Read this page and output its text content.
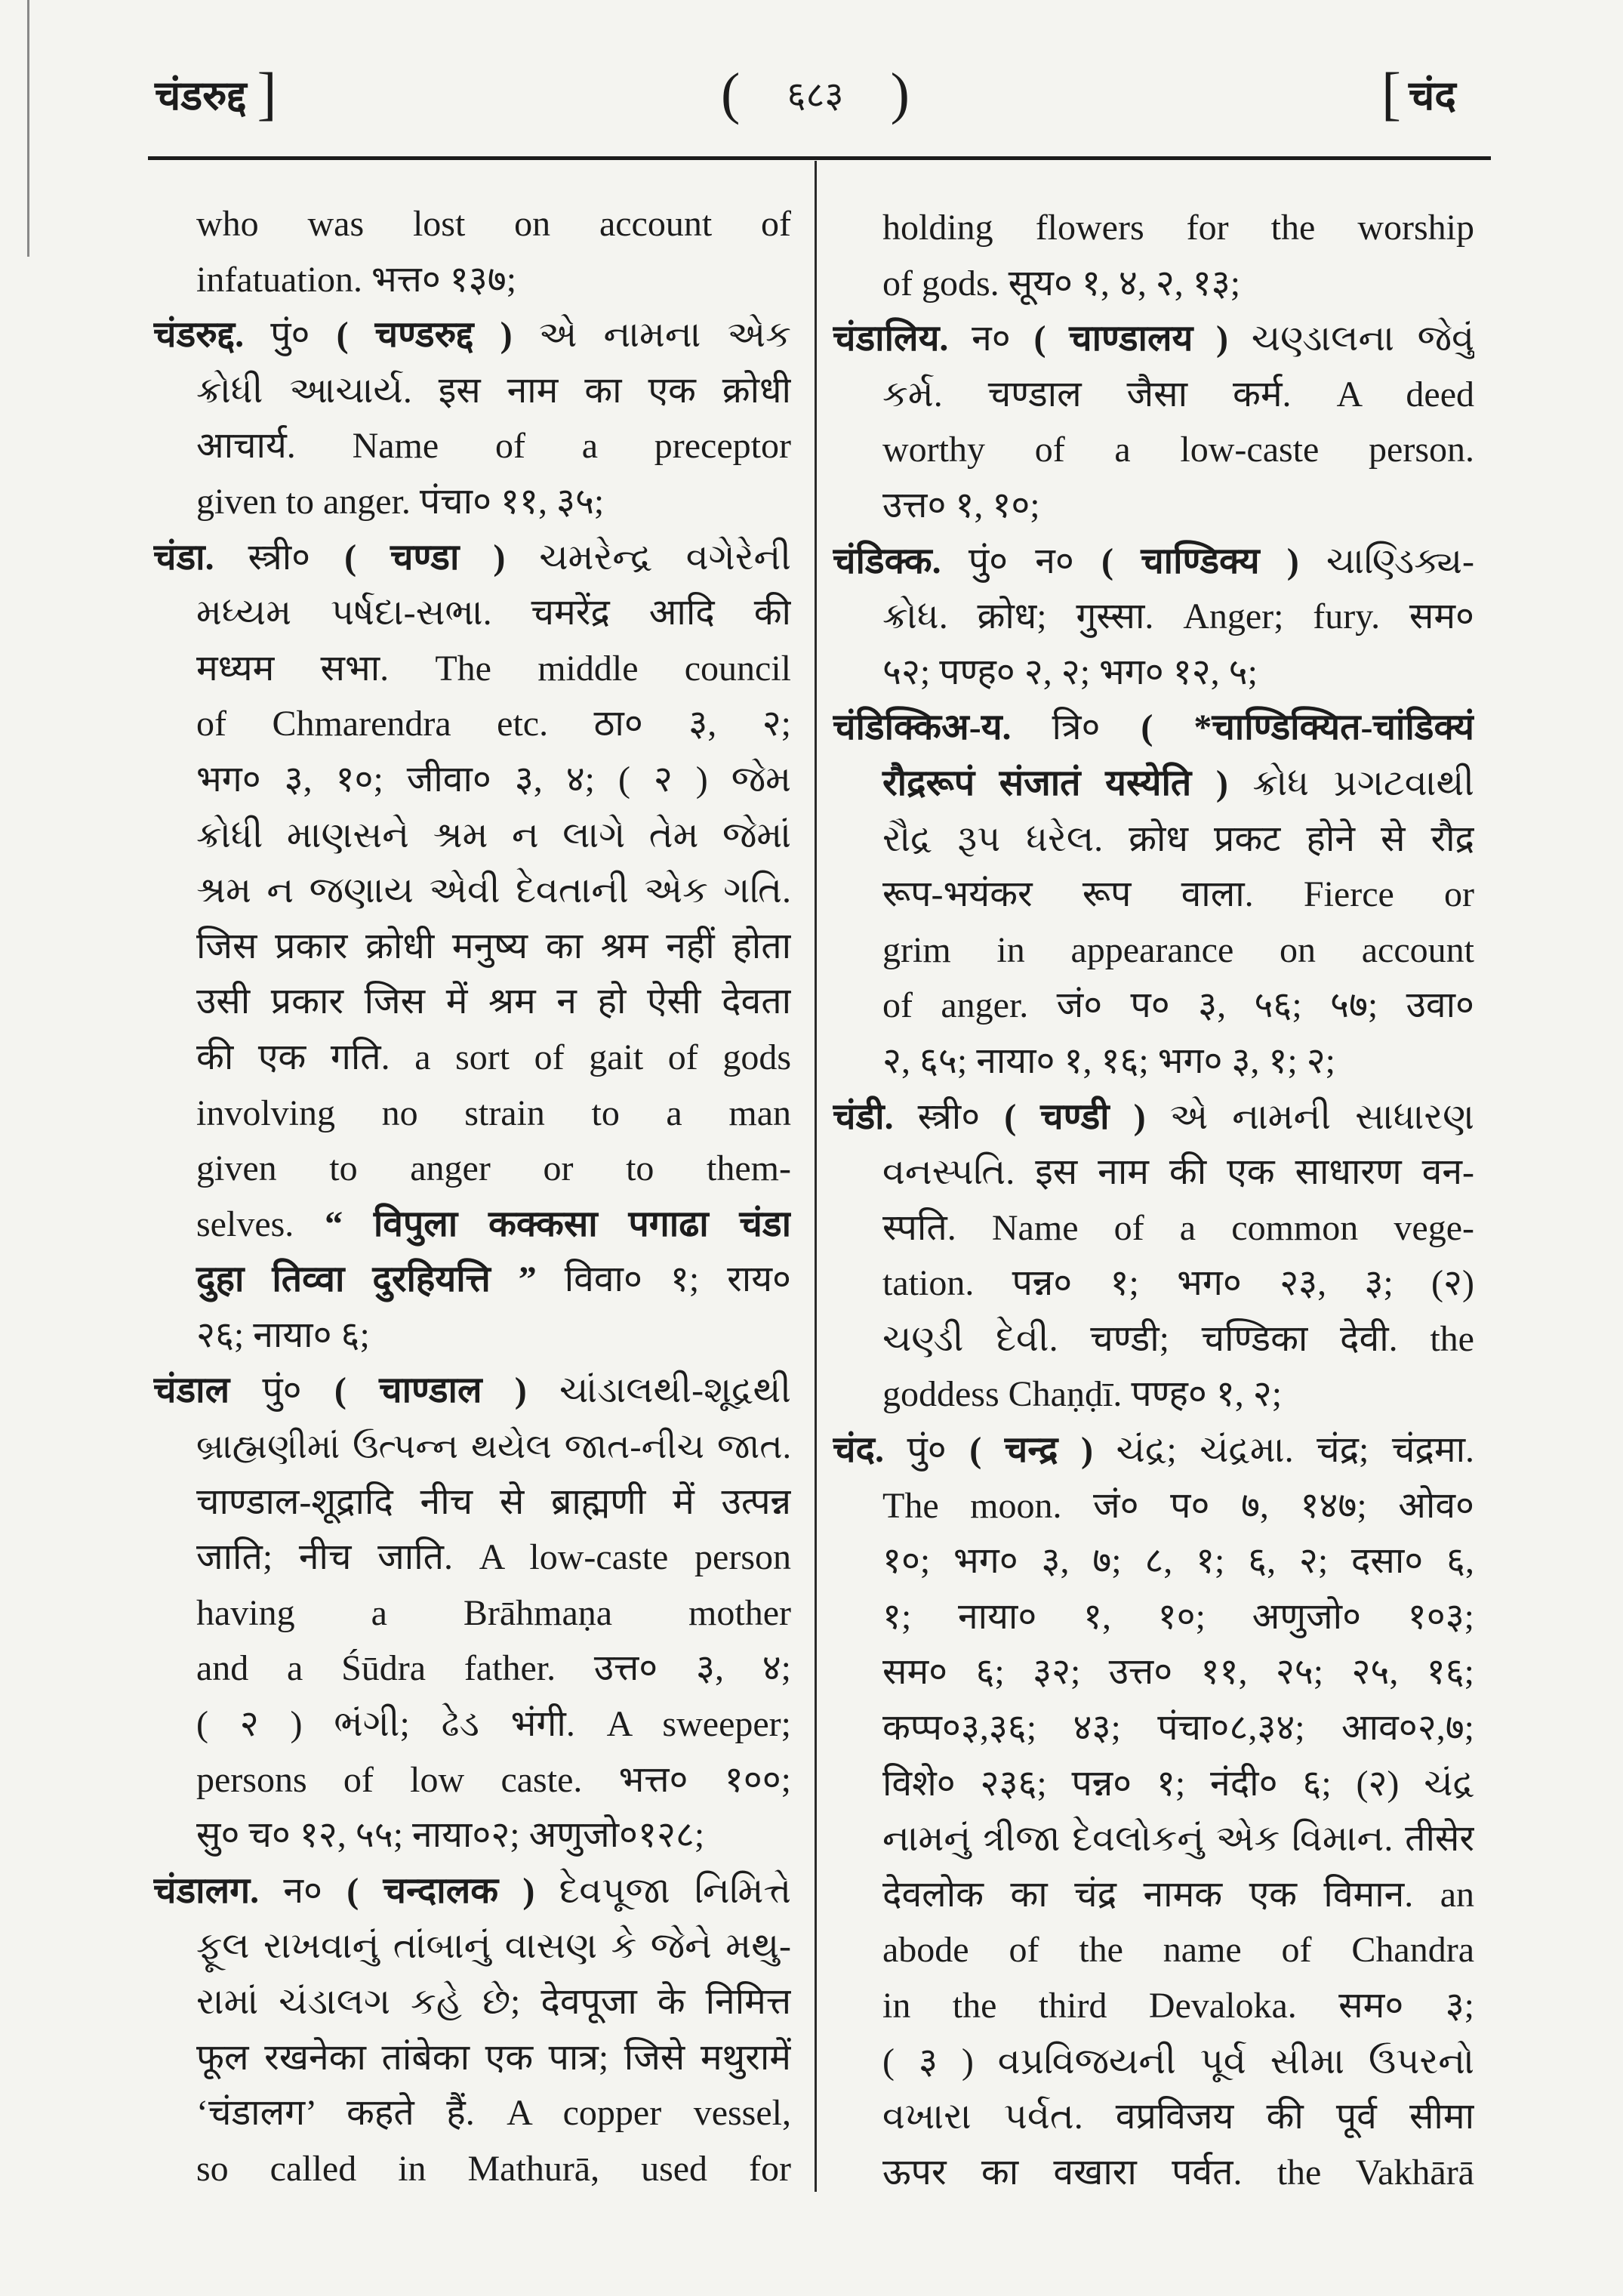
चंडरुद्द ]	( ६८३ )	[ चंद
who was lost on account of
infatuation. भत्त० १३७;
चंडरुद्द. पुं० ( चण्डरुद्द ) એ નામના એક
ક્રોધી આચાર્ય. इस नाम का एक क्रोधी
आचार्य. Name of a preceptor
given to anger. पंचा० ११, ३५;
चंडा. स्त्री० ( चण्डा ) ચમરેન્દ્ર વગેરેની
મધ્યમ પર્ષદા-સભા. चमरेंद्र आदि की
मध्यम सभा. The middle council
of Chmarendra etc. ठा० ३, २;
भग० ३, १०; जीवा० ३, ४; ( २ ) જેમ
ક્રોધી માણસને શ્રમ ન લાગે તેમ જેમાં
શ્રમ ન જણાય એવી દેવતાની એક ગતિ.
जिस प्रकार क्रोधी मनुष्य का श्रम नहीं होता
उसी प्रकार जिस में श्रम न हो ऐसी देवता
की एक गति. a sort of gait of gods
involving no strain to a man
given to anger or to them-
selves. “ विपुला कक्कसा पगाढा चंडा
दुहा तिव्वा दुरहियत्ति ” विवा० १; राय०
२६; नाया० ६;
चंडाल पुं० ( चाण्डाल ) ચાંડાલથી-શૂદ્રથી
બ્રાહ્મણીમાં ઉત્પન્ન થયેલ જાત-નીચ જાત.
चाण्डाल-शूद्रादि नीच से ब्राह्मणी में उत्पन्न
जाति; नीच जाति. A low-caste person
having a Brāhmaṇa mother
and a Śūdra father. उत्त० ३, ४;
( २ ) ભંગી; ઢેડ भंगी. A sweeper;
persons of low caste. भत्त० १००;
सु० च० १२, ५५; नाया०२; अणुजो०१२८;
चंडालग. न० ( चन्दालक ) દેવપૂજા નિમિત્તે
ફૂલ રાખવાનું તાંબાનું વાસણ કે જેને મથુ-
રામાં ચંડાલગ કહે છે; देवपूजा के निमित्त
फूल रखनेका तांबेका एक पात्र; जिसे मथुरामें
‘चंडालग’ कहते हैं. A copper vessel,
so called in Mathurā, used for
holding flowers for the worship
of gods. सूय० १, ४, २, १३;
चंडालिय. न० ( चाण्डालय ) ચણ્ડાલના જેવું
કર્મ. चण्डाल जैसा कर्म. A deed
worthy of a low-caste person.
उत्त० १, १०;
चंडिक्क. पुं० न० ( चाण्डिक्य ) ચાણ્ડિક્ય-
ક્રોધ. क्रोध; गुस्सा. Anger; fury. सम०
५२; पण्ह० २, २; भग० १२, ५;
चंडिक्किअ-य. त्रि० ( *चाण्डिक्यित-चांडिक्यं
रौद्ररूपं संजातं यस्येति ) ક્રોધ પ્રગટવાથી
રૌદ્ર રૂપ ધરેલ. क्रोध प्रकट होने से रौद्र
रूप-भयंकर रूप वाला. Fierce or
grim in appearance on account
of anger. जं० प० ३, ५६; ५७; उवा०
२, ६५; नाया० १, १६; भग० ३, १; २;
चंडी. स्त्री० ( चण्डी ) એ નામની સાધારણ
વનસ્પતિ. इस नाम की एक साधारण वन-
स्पति. Name of a common vege-
tation. पन्न० १; भग० २३, ३; (२)
ચણ્ડી દેવી. चण्डी; चण्डिका देवी. the
goddess Chaṇḍī. पण्ह० १, २;
चंद. पुं० ( चन्द्र ) ચંદ્ર; ચંદ્રમા. चंद्र; चंद्रमा.
The moon. जं० प० ७, १४७; ओव०
१०; भग० ३, ७; ८, १; ६, २; दसा० ६,
१; नाया० १, १०; अणुजो० १०३;
सम० ६; ३२; उत्त० ११, २५; २५, १६;
कप्प०३,३६; ४३; पंचा०८,३४; आव०२,७;
विशे० २३६; पन्न० १; नंदी० ६; (२) ચંદ્ર
નામનું ત્રીજા દેવલોકનું એક વિમાન. तीसेर
देवलोक का चंद्र नामक एक विमान. an
abode of the name of Chandra
in the third Devaloka. सम० ३;
( ३ ) વપ્રવિજયની પૂર્વ સીમા ઉપરનો
વખારા પર્વત. वप्रविजय की पूर्व सीमा
ऊपर का वखारा पर्वत. the Vakhārā
